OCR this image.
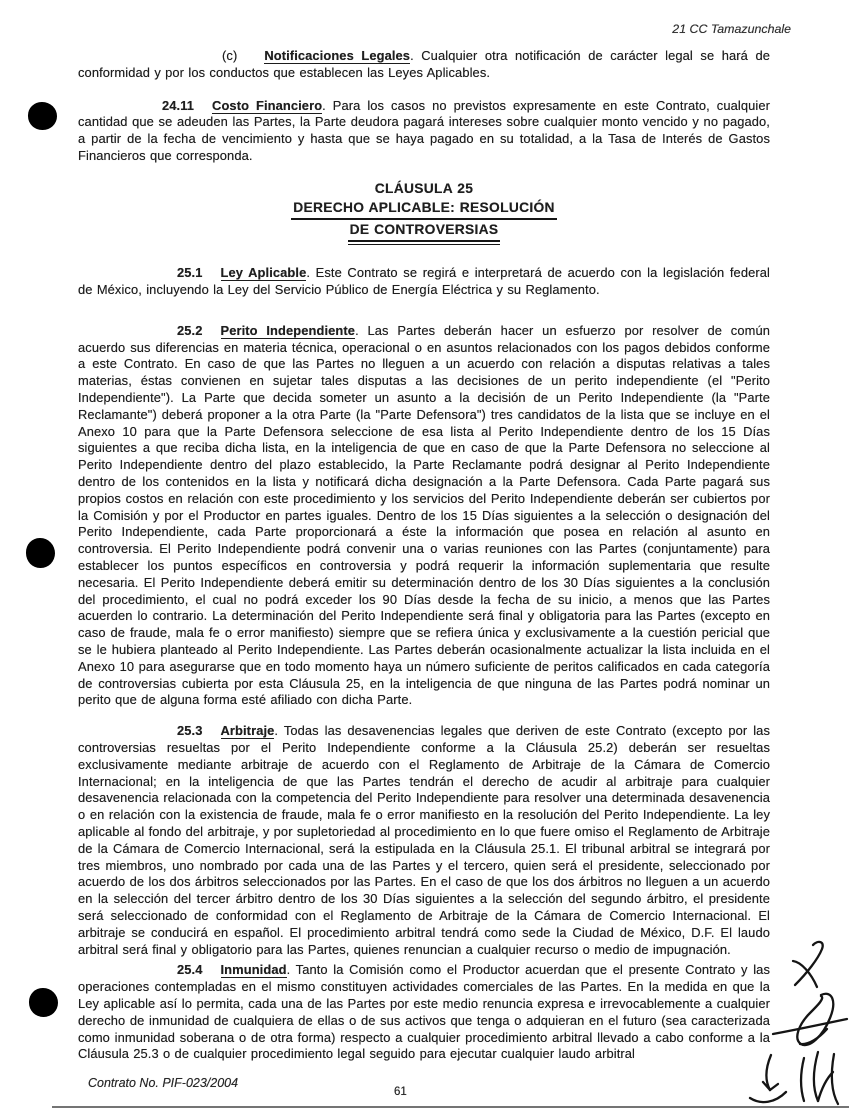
21 CC Tamazunchale

(c) Notificaciones Legales. Cualquier otra notificación de carácter legal se hará de conformidad y por los conductos que establecen las Leyes Aplicables.

24.11 Costo Financiero. Para los casos no previstos expresamente en este Contrato, cualquier cantidad que se adeuden las Partes, la Parte deudora pagará intereses sobre cualquier monto vencido y no pagado, a partir de la fecha de vencimiento y hasta que se haya pagado en su totalidad, a la Tasa de Interés de Gastos Financieros que corresponda.

CLÁUSULA 25
DERECHO APLICABLE: RESOLUCIÓN
DE CONTROVERSIAS

25.1 Ley Aplicable. Este Contrato se regirá e interpretará de acuerdo con la legislación federal de México, incluyendo la Ley del Servicio Público de Energía Eléctrica y su Reglamento.

25.2 Perito Independiente. Las Partes deberán hacer un esfuerzo por resolver de común acuerdo sus diferencias en materia técnica, operacional o en asuntos relacionados con los pagos debidos conforme a este Contrato. En caso de que las Partes no lleguen a un acuerdo con relación a disputas relativas a tales materias, éstas convienen en sujetar tales disputas a las decisiones de un perito independiente (el "Perito Independiente"). La Parte que decida someter un asunto a la decisión de un Perito Independiente (la "Parte Reclamante") deberá proponer a la otra Parte (la "Parte Defensora") tres candidatos de la lista que se incluye en el Anexo 10 para que la Parte Defensora seleccione de esa lista al Perito Independiente dentro de los 15 Días siguientes a que reciba dicha lista, en la inteligencia de que en caso de que la Parte Defensora no seleccione al Perito Independiente dentro del plazo establecido, la Parte Reclamante podrá designar al Perito Independiente dentro de los contenidos en la lista y notificará dicha designación a la Parte Defensora. Cada Parte pagará sus propios costos en relación con este procedimiento y los servicios del Perito Independiente deberán ser cubiertos por la Comisión y por el Productor en partes iguales. Dentro de los 15 Días siguientes a la selección o designación del Perito Independiente, cada Parte proporcionará a éste la información que posea en relación al asunto en controversia. El Perito Independiente podrá convenir una o varias reuniones con las Partes (conjuntamente) para establecer los puntos específicos en controversia y podrá requerir la información suplementaria que resulte necesaria. El Perito Independiente deberá emitir su determinación dentro de los 30 Días siguientes a la conclusión del procedimiento, el cual no podrá exceder los 90 Días desde la fecha de su inicio, a menos que las Partes acuerden lo contrario. La determinación del Perito Independiente será final y obligatoria para las Partes (excepto en caso de fraude, mala fe o error manifiesto) siempre que se refiera única y exclusivamente a la cuestión pericial que se le hubiera planteado al Perito Independiente. Las Partes deberán ocasionalmente actualizar la lista incluida en el Anexo 10 para asegurarse que en todo momento haya un número suficiente de peritos calificados en cada categoría de controversias cubierta por esta Cláusula 25, en la inteligencia de que ninguna de las Partes podrá nominar un perito que de alguna forma esté afiliado con dicha Parte.

25.3 Arbitraje. Todas las desavenencias legales que deriven de este Contrato (excepto por las controversias resueltas por el Perito Independiente conforme a la Cláusula 25.2) deberán ser resueltas exclusivamente mediante arbitraje de acuerdo con el Reglamento de Arbitraje de la Cámara de Comercio Internacional; en la inteligencia de que las Partes tendrán el derecho de acudir al arbitraje para cualquier desavenencia relacionada con la competencia del Perito Independiente para resolver una determinada desavenencia o en relación con la existencia de fraude, mala fe o error manifiesto en la resolución del Perito Independiente. La ley aplicable al fondo del arbitraje, y por supletoriedad al procedimiento en lo que fuere omiso el Reglamento de Arbitraje de la Cámara de Comercio Internacional, será la estipulada en la Cláusula 25.1. El tribunal arbitral se integrará por tres miembros, uno nombrado por cada una de las Partes y el tercero, quien será el presidente, seleccionado por acuerdo de los dos árbitros seleccionados por las Partes. En el caso de que los dos árbitros no lleguen a un acuerdo en la selección del tercer árbitro dentro de los 30 Días siguientes a la selección del segundo árbitro, el presidente será seleccionado de conformidad con el Reglamento de Arbitraje de la Cámara de Comercio Internacional. El arbitraje se conducirá en español. El procedimiento arbitral tendrá como sede la Ciudad de México, D.F. El laudo arbitral será final y obligatorio para las Partes, quienes renuncian a cualquier recurso o medio de impugnación.

25.4 Inmunidad. Tanto la Comisión como el Productor acuerdan que el presente Contrato y las operaciones contempladas en el mismo constituyen actividades comerciales de las Partes. En la medida en que la Ley aplicable así lo permita, cada una de las Partes por este medio renuncia expresa e irrevocablemente a cualquier derecho de inmunidad de cualquiera de ellas o de sus activos que tenga o adquieran en el futuro (sea caracterizada como inmunidad soberana o de otra forma) respecto a cualquier procedimiento arbitral llevado a cabo conforme a la Cláusula 25.3 o de cualquier procedimiento legal seguido para ejecutar cualquier laudo arbitral

Contrato No. PIF-023/2004
61
